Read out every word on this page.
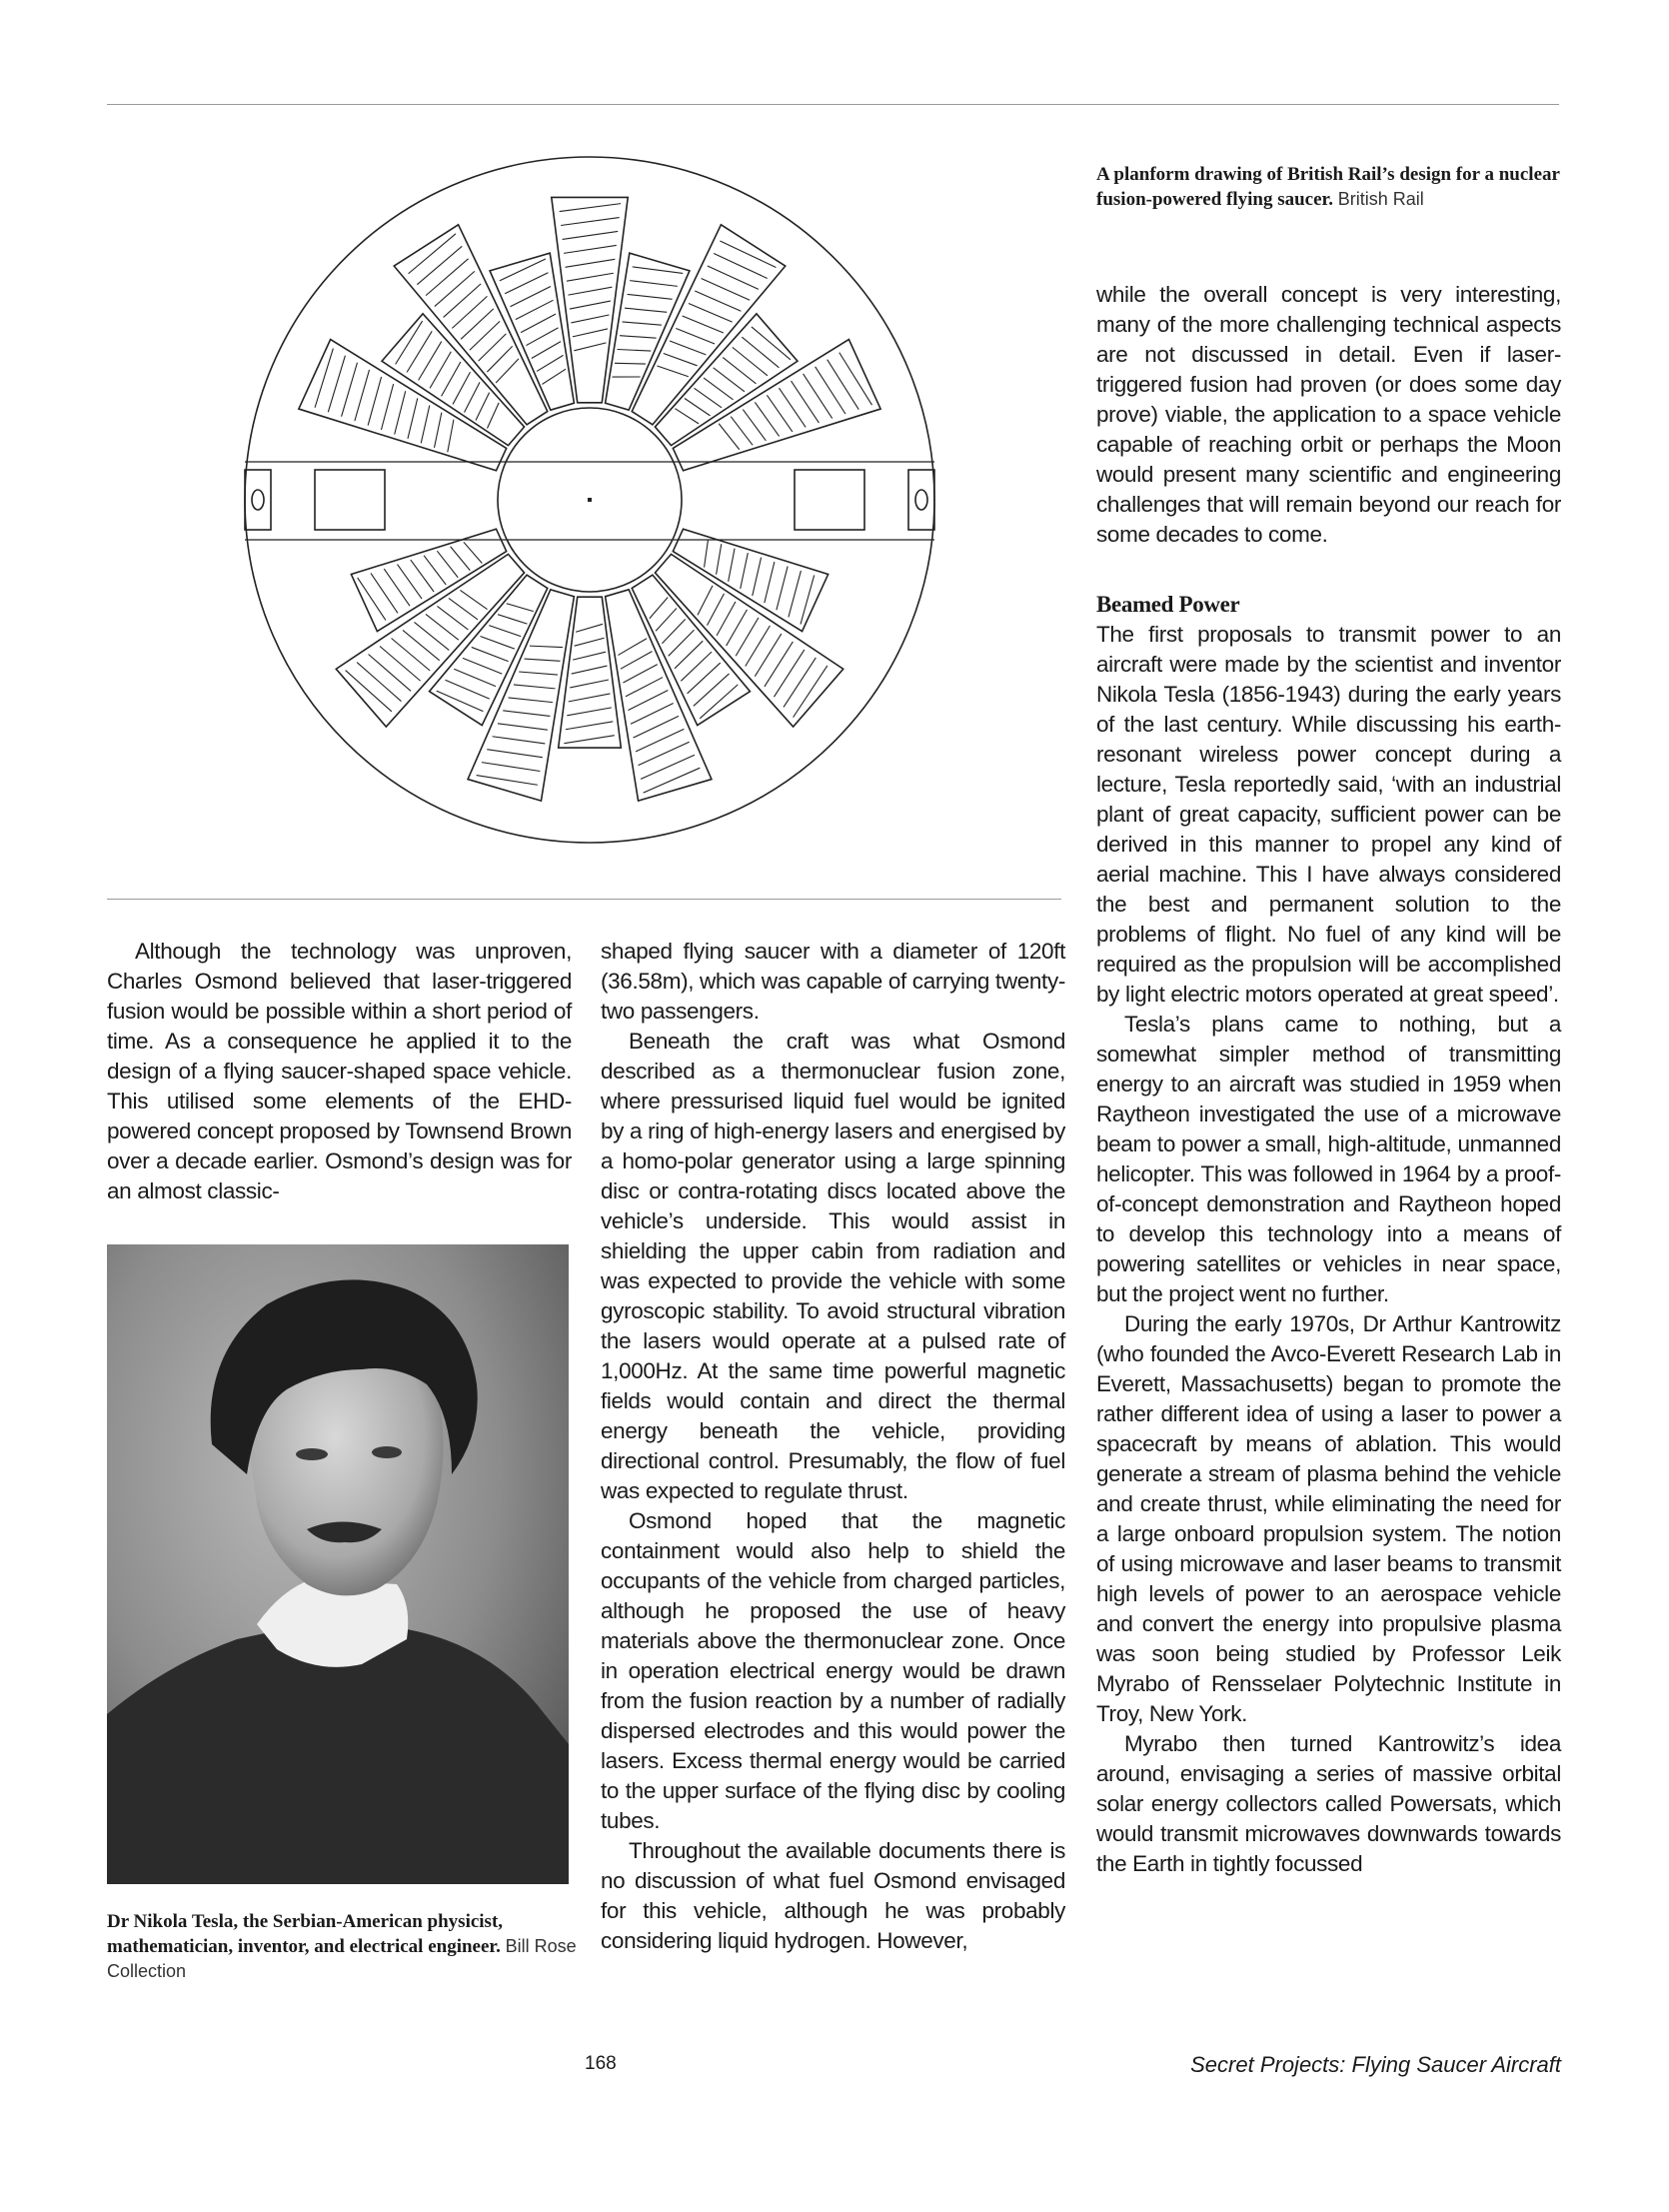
A planform drawing of British Rail’s design for a nuclear fusion-powered flying saucer. British Rail

Although the technology was unproven, Charles Osmond believed that laser-triggered fusion would be possible within a short period of time. As a consequence he applied it to the design of a flying saucer-shaped space vehicle. This utilised some elements of the EHD-powered concept proposed by Townsend Brown over a decade earlier. Osmond’s design was for an almost classic-

Dr Nikola Tesla, the Serbian-American physicist, mathematician, inventor, and electrical engineer. Bill Rose Collection

shaped flying saucer with a diameter of 120ft (36.58m), which was capable of carrying twenty-two passengers.

Beneath the craft was what Osmond described as a thermonuclear fusion zone, where pressurised liquid fuel would be ignited by a ring of high-energy lasers and energised by a homo-polar generator using a large spinning disc or contra-rotating discs located above the vehicle’s underside. This would assist in shielding the upper cabin from radiation and was expected to provide the vehicle with some gyroscopic stability. To avoid structural vibration the lasers would operate at a pulsed rate of 1,000Hz. At the same time powerful magnetic fields would contain and direct the thermal energy beneath the vehicle, providing directional control. Presumably, the flow of fuel was expected to regulate thrust.

Osmond hoped that the magnetic containment would also help to shield the occupants of the vehicle from charged particles, although he proposed the use of heavy materials above the thermonuclear zone. Once in operation electrical energy would be drawn from the fusion reaction by a number of radially dispersed electrodes and this would power the lasers. Excess thermal energy would be carried to the upper surface of the flying disc by cooling tubes.

Throughout the available documents there is no discussion of what fuel Osmond envisaged for this vehicle, although he was probably considering liquid hydrogen. However,

while the overall concept is very interesting, many of the more challenging technical aspects are not discussed in detail. Even if laser-triggered fusion had proven (or does some day prove) viable, the application to a space vehicle capable of reaching orbit or perhaps the Moon would present many scientific and engineering challenges that will remain beyond our reach for some decades to come.

Beamed Power

The first proposals to transmit power to an aircraft were made by the scientist and inventor Nikola Tesla (1856-1943) during the early years of the last century. While discussing his earth-resonant wireless power concept during a lecture, Tesla reportedly said, ‘with an industrial plant of great capacity, sufficient power can be derived in this manner to propel any kind of aerial machine. This I have always considered the best and permanent solution to the problems of flight. No fuel of any kind will be required as the propulsion will be accomplished by light electric motors operated at great speed’.

Tesla’s plans came to nothing, but a somewhat simpler method of transmitting energy to an aircraft was studied in 1959 when Raytheon investigated the use of a microwave beam to power a small, high-altitude, unmanned helicopter. This was followed in 1964 by a proof-of-concept demonstration and Raytheon hoped to develop this technology into a means of powering satellites or vehicles in near space, but the project went no further.

During the early 1970s, Dr Arthur Kantrowitz (who founded the Avco-Everett Research Lab in Everett, Massachusetts) began to promote the rather different idea of using a laser to power a spacecraft by means of ablation. This would generate a stream of plasma behind the vehicle and create thrust, while eliminating the need for a large onboard propulsion system. The notion of using microwave and laser beams to transmit high levels of power to an aerospace vehicle and convert the energy into propulsive plasma was soon being studied by Professor Leik Myrabo of Rensselaer Polytechnic Institute in Troy, New York.

Myrabo then turned Kantrowitz’s idea around, envisaging a series of massive orbital solar energy collectors called Powersats, which would transmit microwaves downwards towards the Earth in tightly focussed

168	Secret Projects: Flying Saucer Aircraft
